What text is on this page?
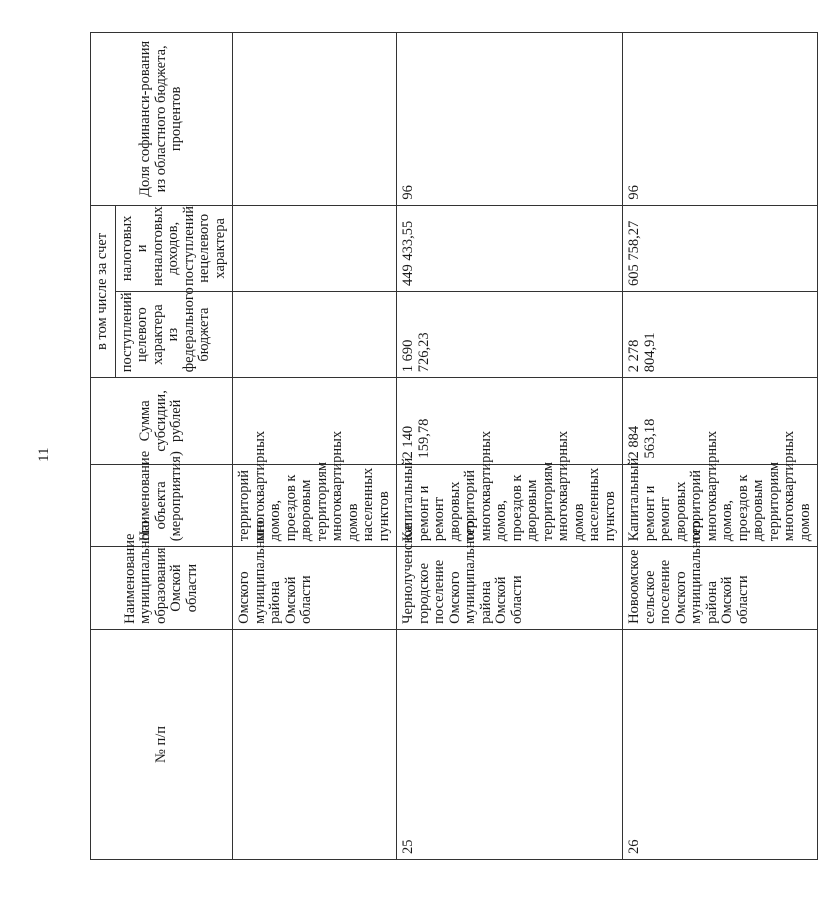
11
№ п/п	Наименование муниципального образования Омской области	Наименование объекта (мероприятия)	Сумма субсидии, рублей	в том числе за счет		Доля софинанси-рования из областного бюджета, процентов
				поступлений целевого характера из федерального бюджета	налоговых и неналоговых доходов, поступлений нецелевого характера	
	Омского муниципального района Омской области	территорий многоквартирных домов, проездов к дворовым территориям многоквартирных домов населенных пунктов				
25	Чернолученское городское поселение Омского муниципального района Омской области	Капитальный ремонт и ремонт дворовых территорий многоквартирных домов, проездов к дворовым территориям многоквартирных домов населенных пунктов	2 140 159,78	1 690 726,23	449 433,55	96
26	Новоомское сельское поселение Омского муниципального района Омской области	Капитальный ремонт и ремонт дворовых территорий многоквартирных домов, проездов к дворовым территориям многоквартирных домов	2 884 563,18	2 278 804,91	605 758,27	96
